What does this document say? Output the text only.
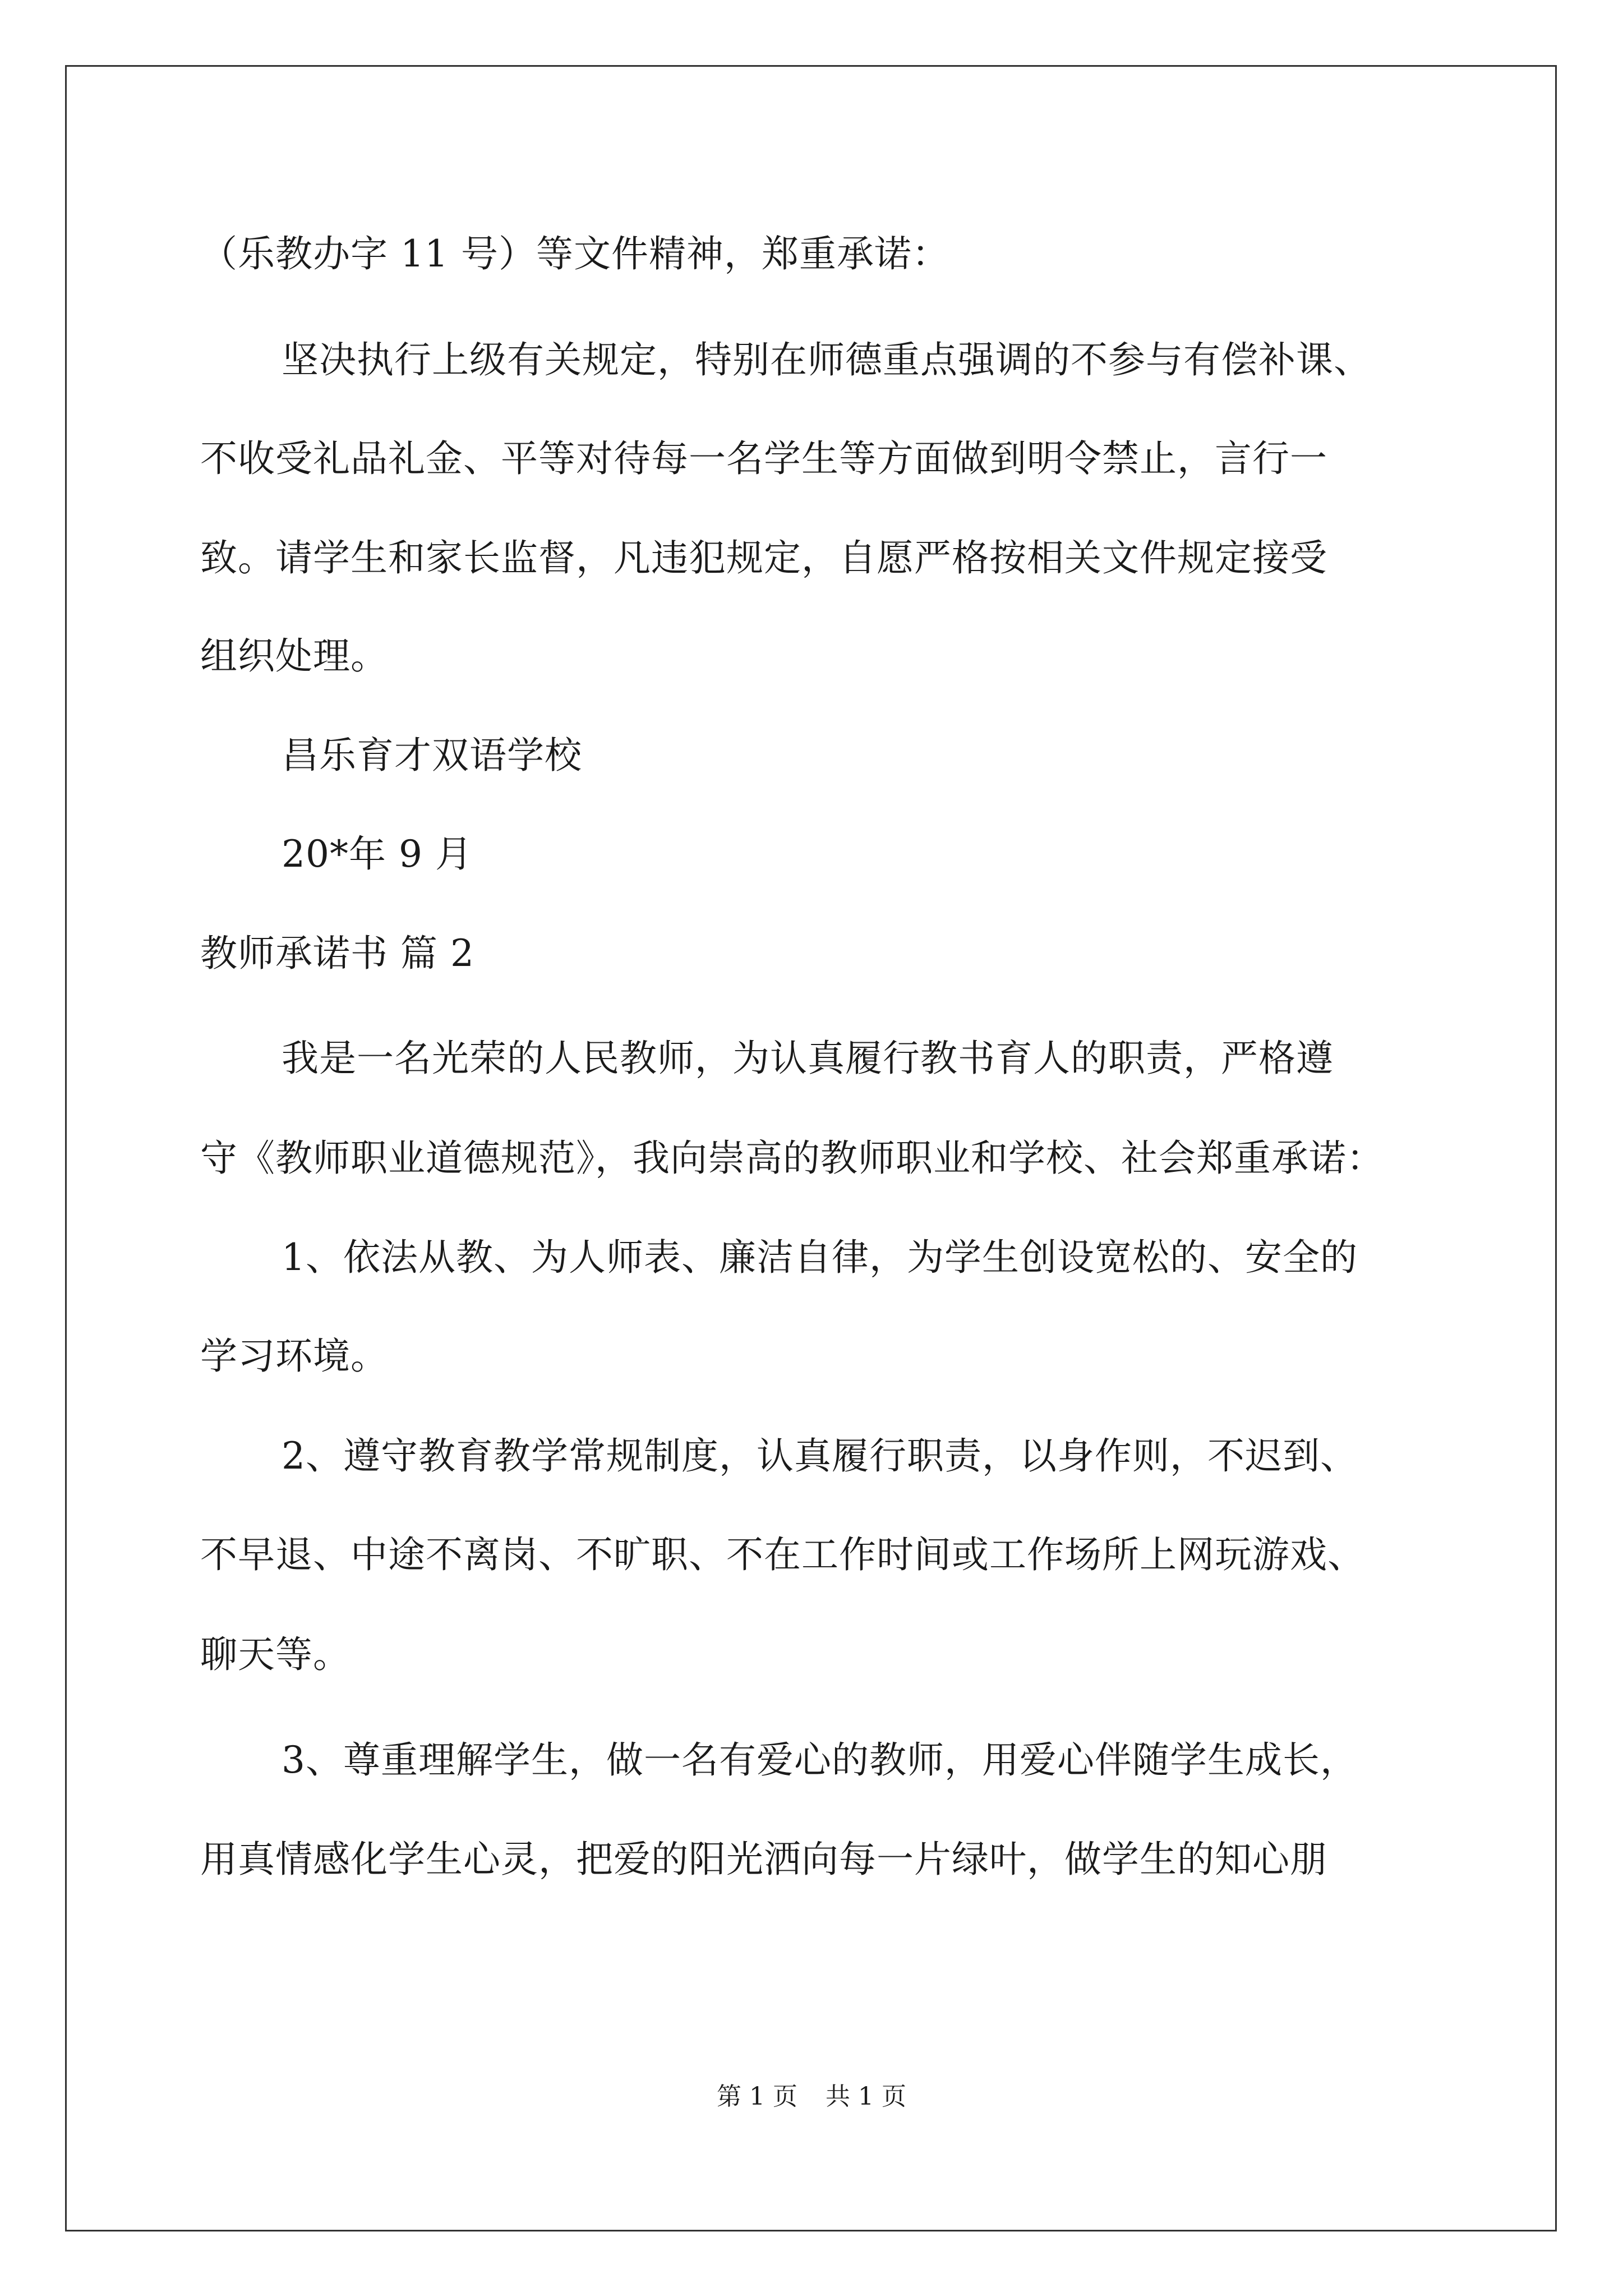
（乐教办字 11 号）等文件精神，郑重承诺：
坚决执行上级有关规定，特别在师德重点强调的不参与有偿补课、
不收受礼品礼金、平等对待每一名学生等方面做到明令禁止，言行一
致。请学生和家长监督，凡违犯规定，自愿严格按相关文件规定接受
组织处理。
昌乐育才双语学校
20*年 9 月
教师承诺书 篇 2
我是一名光荣的人民教师，为认真履行教书育人的职责，严格遵
守《教师职业道德规范》，我向崇高的教师职业和学校、社会郑重承诺：
1、依法从教、为人师表、廉洁自律，为学生创设宽松的、安全的
学习环境。
2、遵守教育教学常规制度，认真履行职责，以身作则，不迟到、
不早退、中途不离岗、不旷职、不在工作时间或工作场所上网玩游戏、
聊天等。
3、尊重理解学生，做一名有爱心的教师，用爱心伴随学生成长，
用真情感化学生心灵，把爱的阳光洒向每一片绿叶，做学生的知心朋
第 1 页 共 1 页
